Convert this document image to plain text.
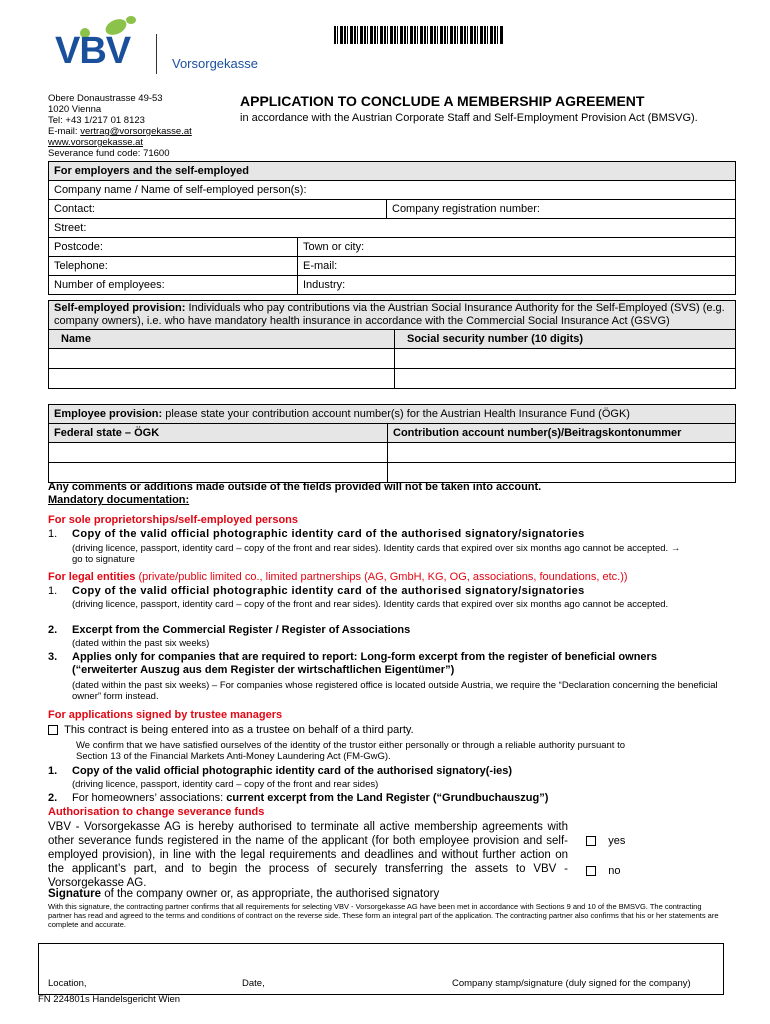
VBV	Vorsorgekasse
Obere Donaustrasse 49-53
1020 Vienna
Tel: +43 1/217 01 8123
E-mail: vertrag@vorsorgekasse.at
www.vorsorgekasse.at
Severance fund code: 71600
APPLICATION TO CONCLUDE A MEMBERSHIP AGREEMENT
in accordance with the Austrian Corporate Staff and Self-Employment Provision Act (BMSVG).
For employers and the self-employed		
Company name / Name of self-employed person(s):		
Contact:		Company registration number:
Street:		
Postcode:	Town or city:	
Telephone:	E-mail:	
Number of employees:	Industry:	
Self-employed provision: Individuals who pay contributions via the Austrian Social Insurance Authority for the Self-Employed (SVS) (e.g. company owners), i.e. who have mandatory health insurance in accordance with the Commercial Social Insurance Act (GSVG)	
Name	Social security number (10 digits)

Employee provision: please state your contribution account number(s) for the Austrian Health Insurance Fund (ÖGK)	
Federal state – ÖGK	Contribution account number(s)/Beitragskontonummer

Any comments or additions made outside of the fields provided will not be taken into account.
Mandatory documentation:
For sole proprietorships/self-employed persons
1. Copy of the valid official photographic identity card of the authorised signatory/signatories
(driving licence, passport, identity card – copy of the front and rear sides). Identity cards that expired over six months ago cannot be accepted. → go to signature
For legal entities (private/public limited co., limited partnerships (AG, GmbH, KG, OG, associations, foundations, etc.))
1. Copy of the valid official photographic identity card of the authorised signatory/signatories
(driving licence, passport, identity card – copy of the front and rear sides). Identity cards that expired over six months ago cannot be accepted.
2. Excerpt from the Commercial Register / Register of Associations
(dated within the past six weeks)
3. Applies only for companies that are required to report: Long-form excerpt from the register of beneficial owners (“erweiterter Auszug aus dem Register der wirtschaftlichen Eigentümer”)
(dated within the past six weeks) – For companies whose registered office is located outside Austria, we require the “Declaration concerning the beneficial owner” form instead.
For applications signed by trustee managers
This contract is being entered into as a trustee on behalf of a third party.
We confirm that we have satisfied ourselves of the identity of the trustor either personally or through a reliable authority pursuant to Section 13 of the Financial Markets Anti-Money Laundering Act (FM-GwG).
1. Copy of the valid official photographic identity card of the authorised signatory(-ies)
(driving licence, passport, identity card – copy of the front and rear sides)
2. For homeowners’ associations: current excerpt from the Land Register (“Grundbuchauszug”)
Authorisation to change severance funds
VBV - Vorsorgekasse AG is hereby authorised to terminate all active membership agreements with other severance funds registered in the name of the applicant (for both employee provision and self-employed provision), in line with the legal requirements and deadlines and without further action on the applicant’s part, and to begin the process of securely transferring the assets to VBV - Vorsorgekasse AG.
yes
no
Signature of the company owner or, as appropriate, the authorised signatory
With this signature, the contracting partner confirms that all requirements for selecting VBV - Vorsorgekasse AG have been met in accordance with Sections 9 and 10 of the BMSVG. The contracting partner has read and agreed to the terms and conditions of contract on the reverse side. These form an integral part of the application. The contracting partner also confirms that his or her statements are complete and accurate.
Location,	Date,	Company stamp/signature (duly signed for the company)
FN 224801s Handelsgericht Wien
